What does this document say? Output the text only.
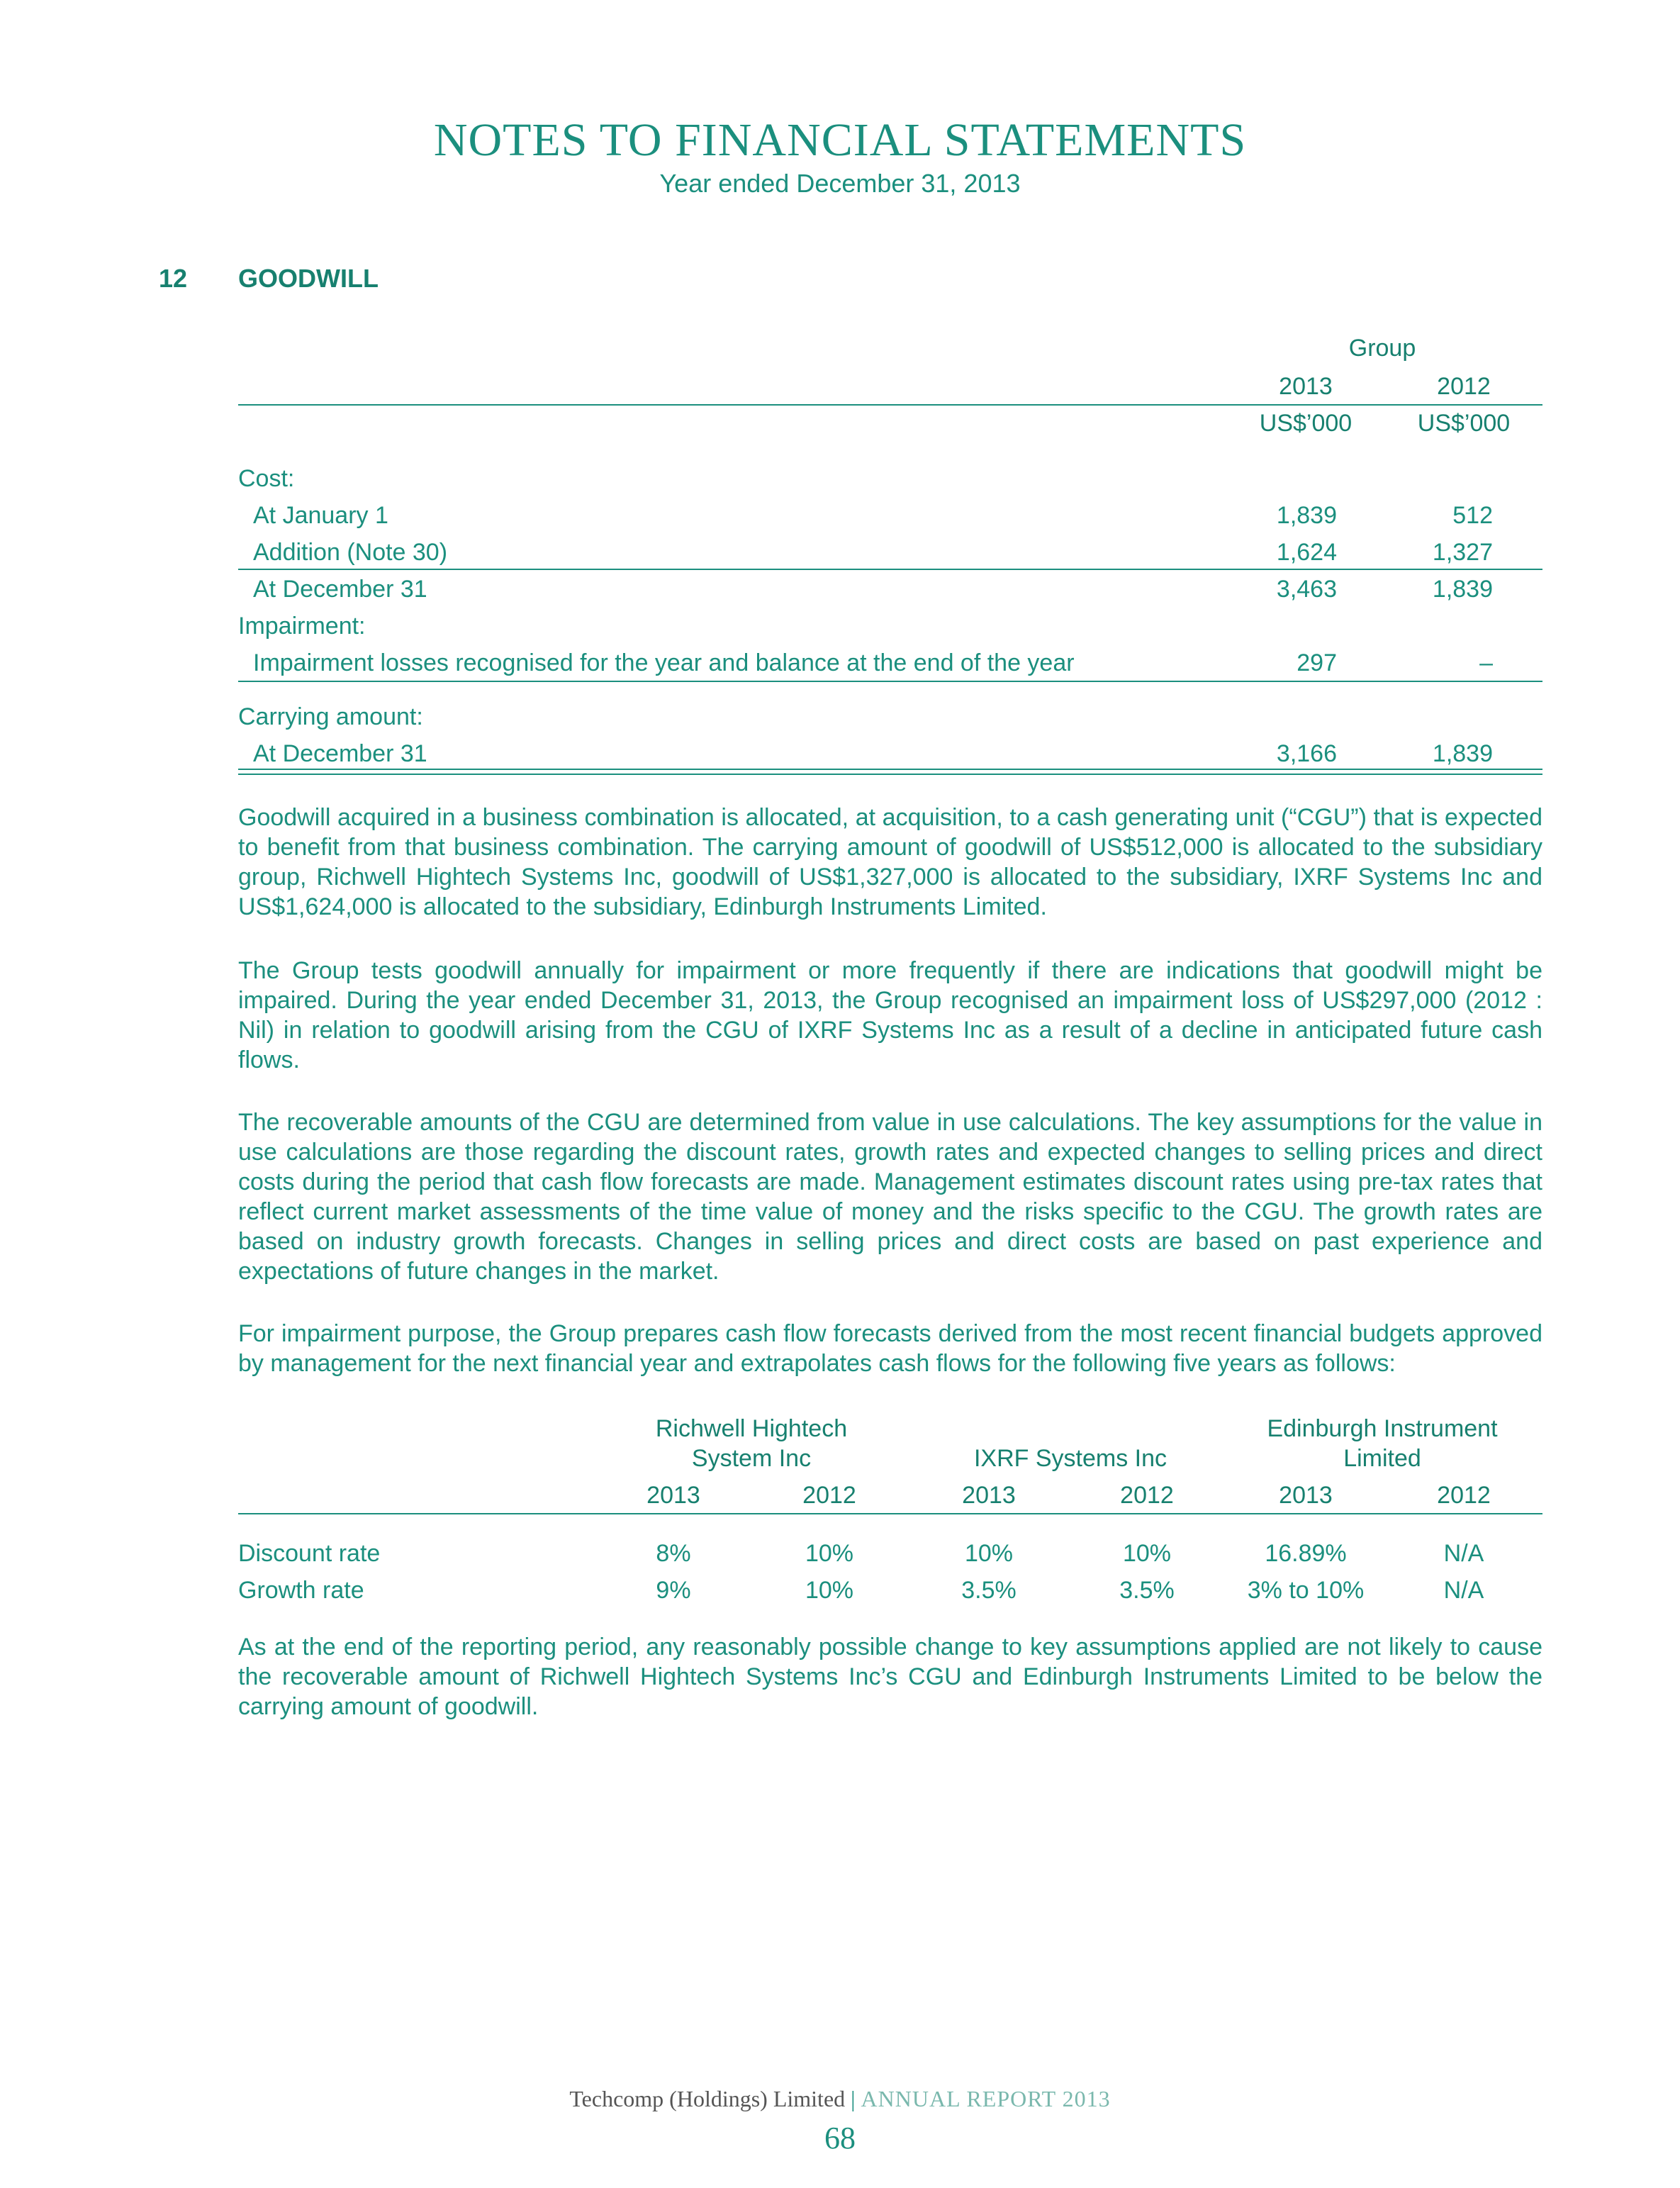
NOTES TO FINANCIAL STATEMENTS
Year ended December 31, 2013
12 GOODWILL
Group
2013	2012
US$’000	US$’000
Cost:
At January 1	1,839	512
Addition (Note 30)	1,624	1,327
At December 31	3,463	1,839
Impairment:
Impairment losses recognised for the year and balance at the end of the year	297	–
Carrying amount:
At December 31	3,166	1,839
Goodwill acquired in a business combination is allocated, at acquisition, to a cash generating unit (“CGU”) that is expected to benefit from that business combination. The carrying amount of goodwill of US$512,000 is allocated to the subsidiary group, Richwell Hightech Systems Inc, goodwill of US$1,327,000 is allocated to the subsidiary, IXRF Systems Inc and US$1,624,000 is allocated to the subsidiary, Edinburgh Instruments Limited.
The Group tests goodwill annually for impairment or more frequently if there are indications that goodwill might be impaired. During the year ended December 31, 2013, the Group recognised an impairment loss of US$297,000 (2012 : Nil) in relation to goodwill arising from the CGU of IXRF Systems Inc as a result of a decline in anticipated future cash flows.
The recoverable amounts of the CGU are determined from value in use calculations. The key assumptions for the value in use calculations are those regarding the discount rates, growth rates and expected changes to selling prices and direct costs during the period that cash flow forecasts are made. Management estimates discount rates using pre-tax rates that reflect current market assessments of the time value of money and the risks specific to the CGU. The growth rates are based on industry growth forecasts. Changes in selling prices and direct costs are based on past experience and expectations of future changes in the market.
For impairment purpose, the Group prepares cash flow forecasts derived from the most recent financial budgets approved by management for the next financial year and extrapolates cash flows for the following five years as follows:
Richwell Hightech
System Inc	IXRF Systems Inc
Edinburgh Instrument
Limited
2013	2012	2013	2012	2013	2012
Discount rate	8%	10%	10%	10%	16.89%	N/A
Growth rate	9%	10%	3.5%	3.5%	3% to 10%	N/A
As at the end of the reporting period, any reasonably possible change to key assumptions applied are not likely to cause the recoverable amount of Richwell Hightech Systems Inc’s CGU and Edinburgh Instruments Limited to be below the carrying amount of goodwill.
Techcomp (Holdings) Limited | ANNUAL REPORT 2013
68
